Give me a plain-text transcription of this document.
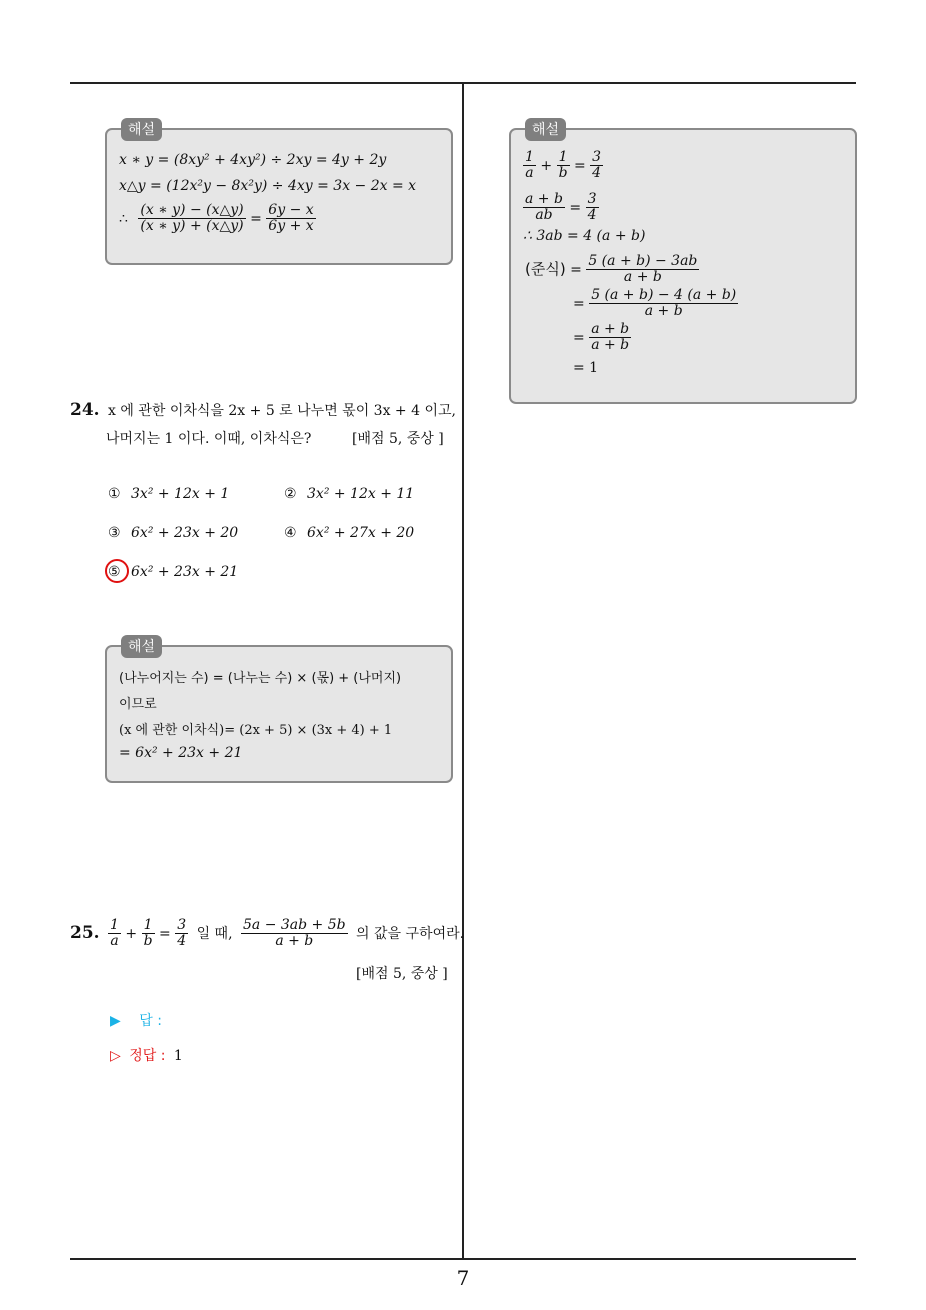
해설
x ∗ y = (8xy² + 4xy²) ÷ 2xy = 4y + 2y
x△y = (12x²y − 8x²y) ÷ 4xy = 3x − 2x = x
∴ $\frac{(x ∗ y) - (x\triangle y)}{(x ∗ y) + (x\triangle y)} = \frac{6y - x}{6y + x}$
해설
$\frac{1}{a} + \frac{1}{b} = \frac{3}{4}$
$\frac{a + b}{ab} = \frac{3}{4}$
∴ 3ab = 4 (a + b)
(준식) = $\frac{5 (a + b) - 3ab}{a + b}$
= $\frac{5 (a + b) - 4 (a + b)}{a + b}$
= $\frac{a + b}{a + b}$
= 1
24. x 에 관한 이차식을 2x + 5 로 나누면 몫이 3x + 4 이고,
나머지는 1 이다. 이때, 이차식은?	[배점 5, 중상 ]
① 3x² + 12x + 1	② 3x² + 12x + 11
③ 6x² + 23x + 20	④ 6x² + 27x + 20
⑤ 6x² + 23x + 21
해설
(나누어지는 수) = (나누는 수) × (몫) + (나머지)
이므로
(x 에 관한 이차식)= (2x + 5) × (3x + 4) + 1
= 6x² + 23x + 21
25. $\frac{1}{a} + \frac{1}{b} = \frac{3}{4}$ 일 때, $\frac{5a - 3ab + 5b}{a + b}$ 의 값을 구하여라.
[배점 5, 중상 ]
▶ 답 :
▷ 정답 : 1
7
